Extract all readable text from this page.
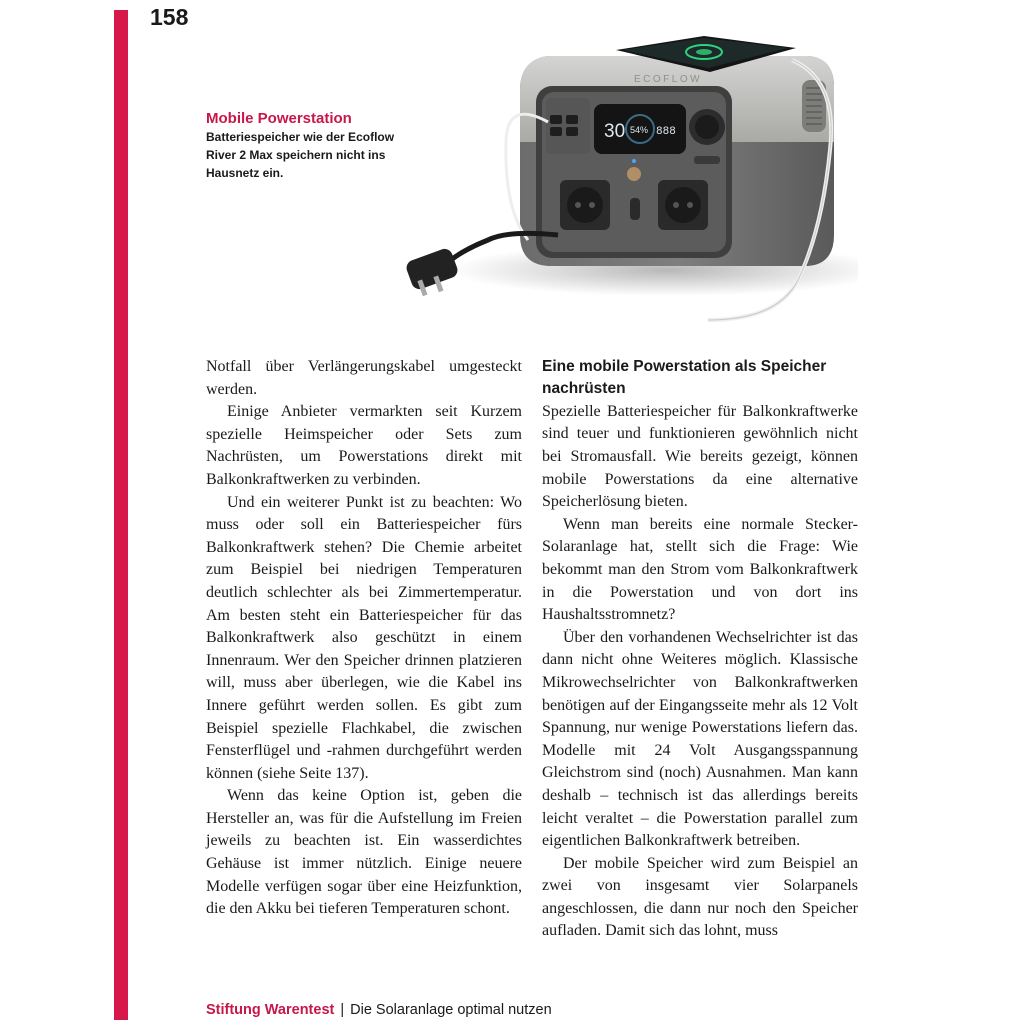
158
Mobile Powerstation
Batteriespeicher wie der Ecoflow River 2 Max speichern nicht ins Hausnetz ein.
ECOFLOW
30 54% 888

Notfall über Verlängerungskabel umgesteckt werden.

Einige Anbieter vermarkten seit Kurzem spezielle Heimspeicher oder Sets zum Nachrüsten, um Powerstations direkt mit Balkonkraftwerken zu verbinden.

Und ein weiterer Punkt ist zu beachten: Wo muss oder soll ein Batteriespeicher fürs Balkonkraftwerk stehen? Die Chemie arbeitet zum Beispiel bei niedrigen Temperaturen deutlich schlechter als bei Zimmertemperatur. Am besten steht ein Batteriespeicher für das Balkonkraftwerk also geschützt in einem Innenraum. Wer den Speicher drinnen platzieren will, muss aber überlegen, wie die Kabel ins Innere geführt werden sollen. Es gibt zum Beispiel spezielle Flachkabel, die zwischen Fensterflügel und -rahmen durchgeführt werden können (siehe Seite 137).

Wenn das keine Option ist, geben die Hersteller an, was für die Aufstellung im Freien jeweils zu beachten ist. Ein wasserdichtes Gehäuse ist immer nützlich. Einige neuere Modelle verfügen sogar über eine Heizfunktion, die den Akku bei tieferen Temperaturen schont.

Eine mobile Powerstation als Speicher nachrüsten

Spezielle Batteriespeicher für Balkonkraftwerke sind teuer und funktionieren gewöhnlich nicht bei Stromausfall. Wie bereits gezeigt, können mobile Powerstations da eine alternative Speicherlösung bieten.

Wenn man bereits eine normale Stecker-Solaranlage hat, stellt sich die Frage: Wie bekommt man den Strom vom Balkonkraftwerk in die Powerstation und von dort ins Haushaltsstromnetz?

Über den vorhandenen Wechselrichter ist das dann nicht ohne Weiteres möglich. Klassische Mikrowechselrichter von Balkonkraftwerken benötigen auf der Eingangsseite mehr als 12 Volt Spannung, nur wenige Powerstations liefern das. Modelle mit 24 Volt Ausgangsspannung Gleichstrom sind (noch) Ausnahmen. Man kann deshalb – technisch ist das allerdings bereits leicht veraltet – die Powerstation parallel zum eigentlichen Balkonkraftwerk betreiben.

Der mobile Speicher wird zum Beispiel an zwei von insgesamt vier Solarpanels angeschlossen, die dann nur noch den Speicher aufladen. Damit sich das lohnt, muss

Stiftung Warentest | Die Solaranlage optimal nutzen
